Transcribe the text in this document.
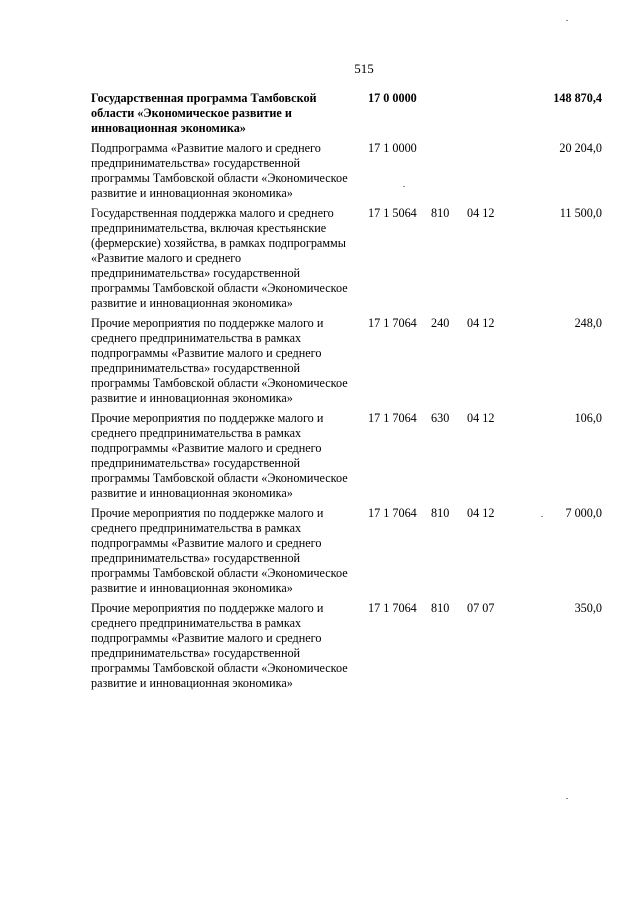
515
Государственная программа Тамбовской области «Экономическое развитие и инновационная экономика»
17 0 0000	148 870,4
Подпрограмма «Развитие малого и среднего предпринимательства» государственной программы Тамбовской области «Экономическое развитие и инновационная экономика»
17 1 0000	20 204,0
Государственная поддержка малого и среднего предпринимательства, включая крестьянские (фермерские) хозяйства, в рамках подпрограммы «Развитие малого и среднего предпринимательства» государственной программы Тамбовской области «Экономическое развитие и инновационная экономика»
17 1 5064 810 04 12	11 500,0
Прочие мероприятия по поддержке малого и среднего предпринимательства в рамках подпрограммы «Развитие малого и среднего предпринимательства» государственной программы Тамбовской области «Экономическое развитие и инновационная экономика»
17 1 7064 240 04 12	248,0
Прочие мероприятия по поддержке малого и среднего предпринимательства в рамках подпрограммы «Развитие малого и среднего предпринимательства» государственной программы Тамбовской области «Экономическое развитие и инновационная экономика»
17 1 7064 630 04 12	106,0
Прочие мероприятия по поддержке малого и среднего предпринимательства в рамках подпрограммы «Развитие малого и среднего предпринимательства» государственной программы Тамбовской области «Экономическое развитие и инновационная экономика»
17 1 7064 810 04 12	7 000,0
Прочие мероприятия по поддержке малого и среднего предпринимательства в рамках подпрограммы «Развитие малого и среднего предпринимательства» государственной программы Тамбовской области «Экономическое развитие и инновационная экономика»
17 1 7064 810 07 07	350,0
